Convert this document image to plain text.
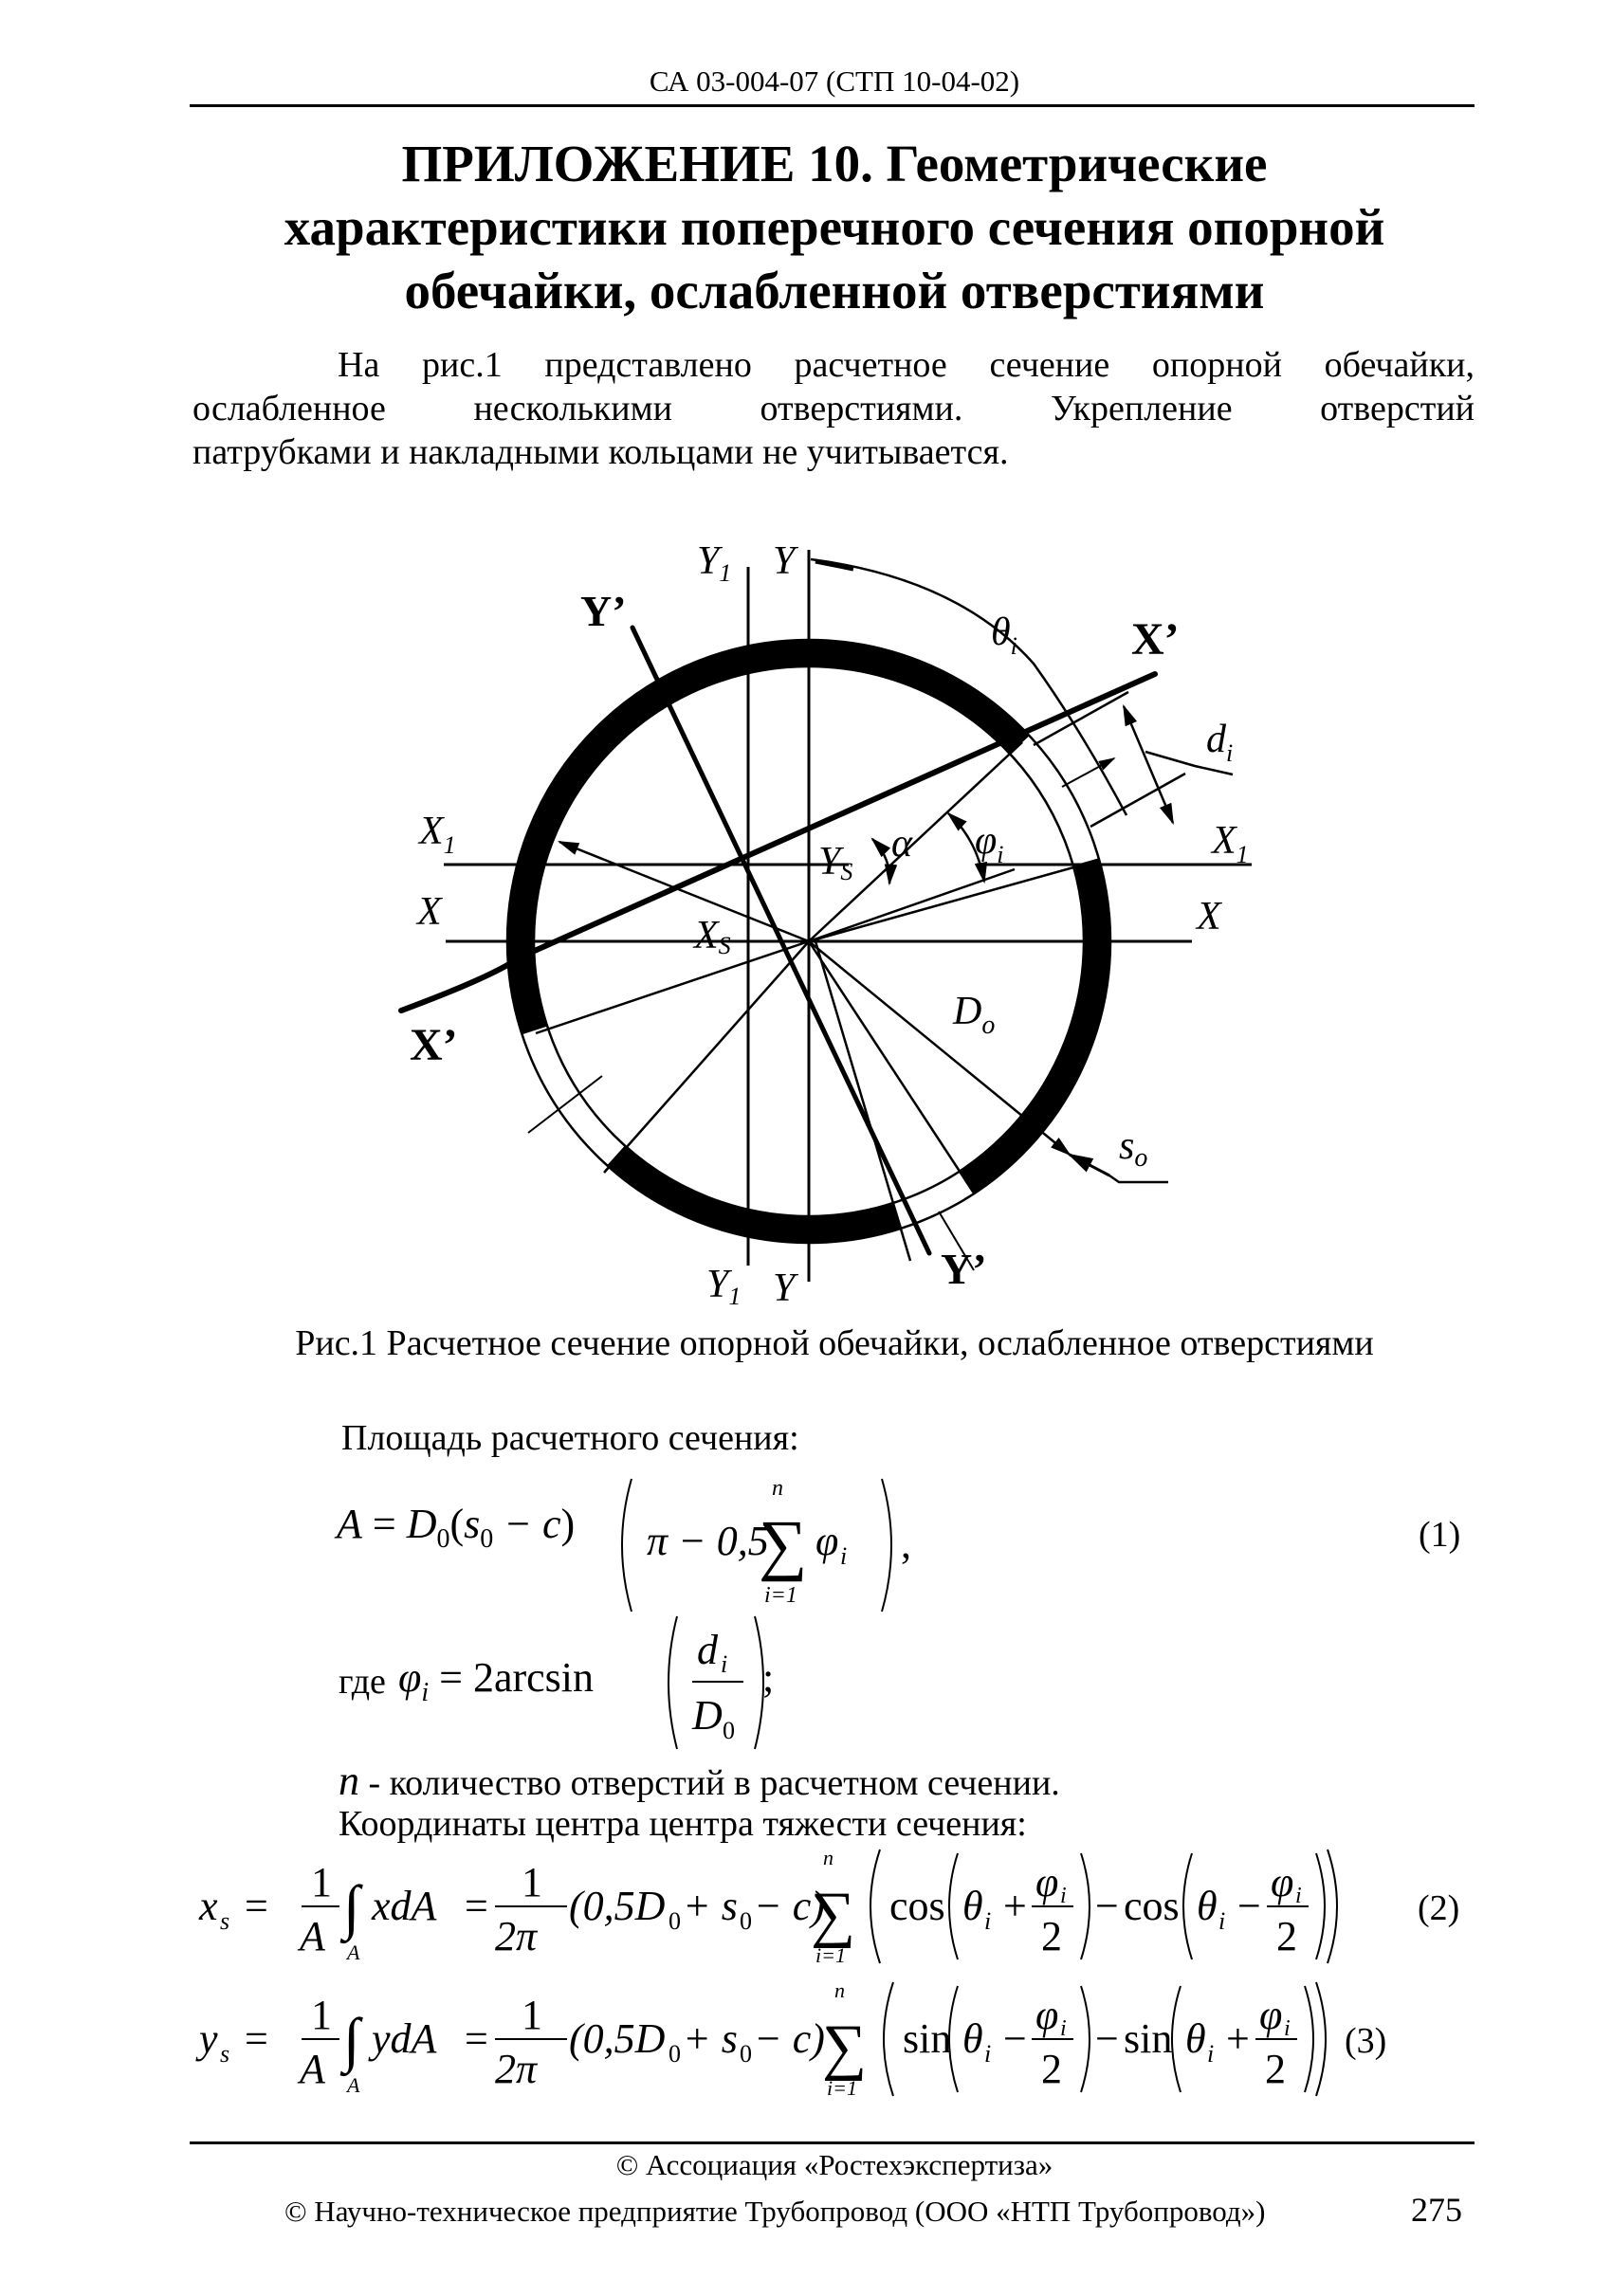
СА 03-004-07 (СТП 10-04-02)
ПРИЛОЖЕНИЕ 10. Геометрические
характеристики поперечного сечения опорной
обечайки, ослабленной отверстиями
На рис.1 представлено расчетное сечение опорной обечайки,
ослабленное несколькими отверстиями. Укрепление отверстий
патрубками и накладными кольцами не учитывается.
Y1 Y
Y’	$\theta_i$	X’
$d_i$
$X_1$	α $\varphi_i$	$X_1$
YS
X	X
XS
$D_o$
so
X’
Y1 Y	Y’
Рис.1 Расчетное сечение опорной обечайки, ослабленное отверстиями
Площадь расчетного сечения:
$A = D_0(s_0 - c) \pi - 0,5$
n
∑
i=1
φ i ,	(1)
где $\varphi_i = 2\arcsin$
d i
D 0
;
n - количество отверстий в расчетном сечении.
Координаты центра центра тяжести сечения:
x s =
1
A ∫
A
xdA =
1
2π
(0,5D 0 + s 0 − c)
n
∑
i=1
cos θ i +
φ i
2
− cos θ i −
φ i
2
(2)
y s =
1
A ∫
A
ydA =
1
2π
(0,5D 0 + s 0 − c)
n
∑
i=1
sin θ i −
φ i
2
− sin θ i +
φ i
2
(3)
© Ассоциация «Ростехэкспертиза»
© Научно-техническое предприятие Трубопровод (ООО «НТП Трубопровод»)	275
